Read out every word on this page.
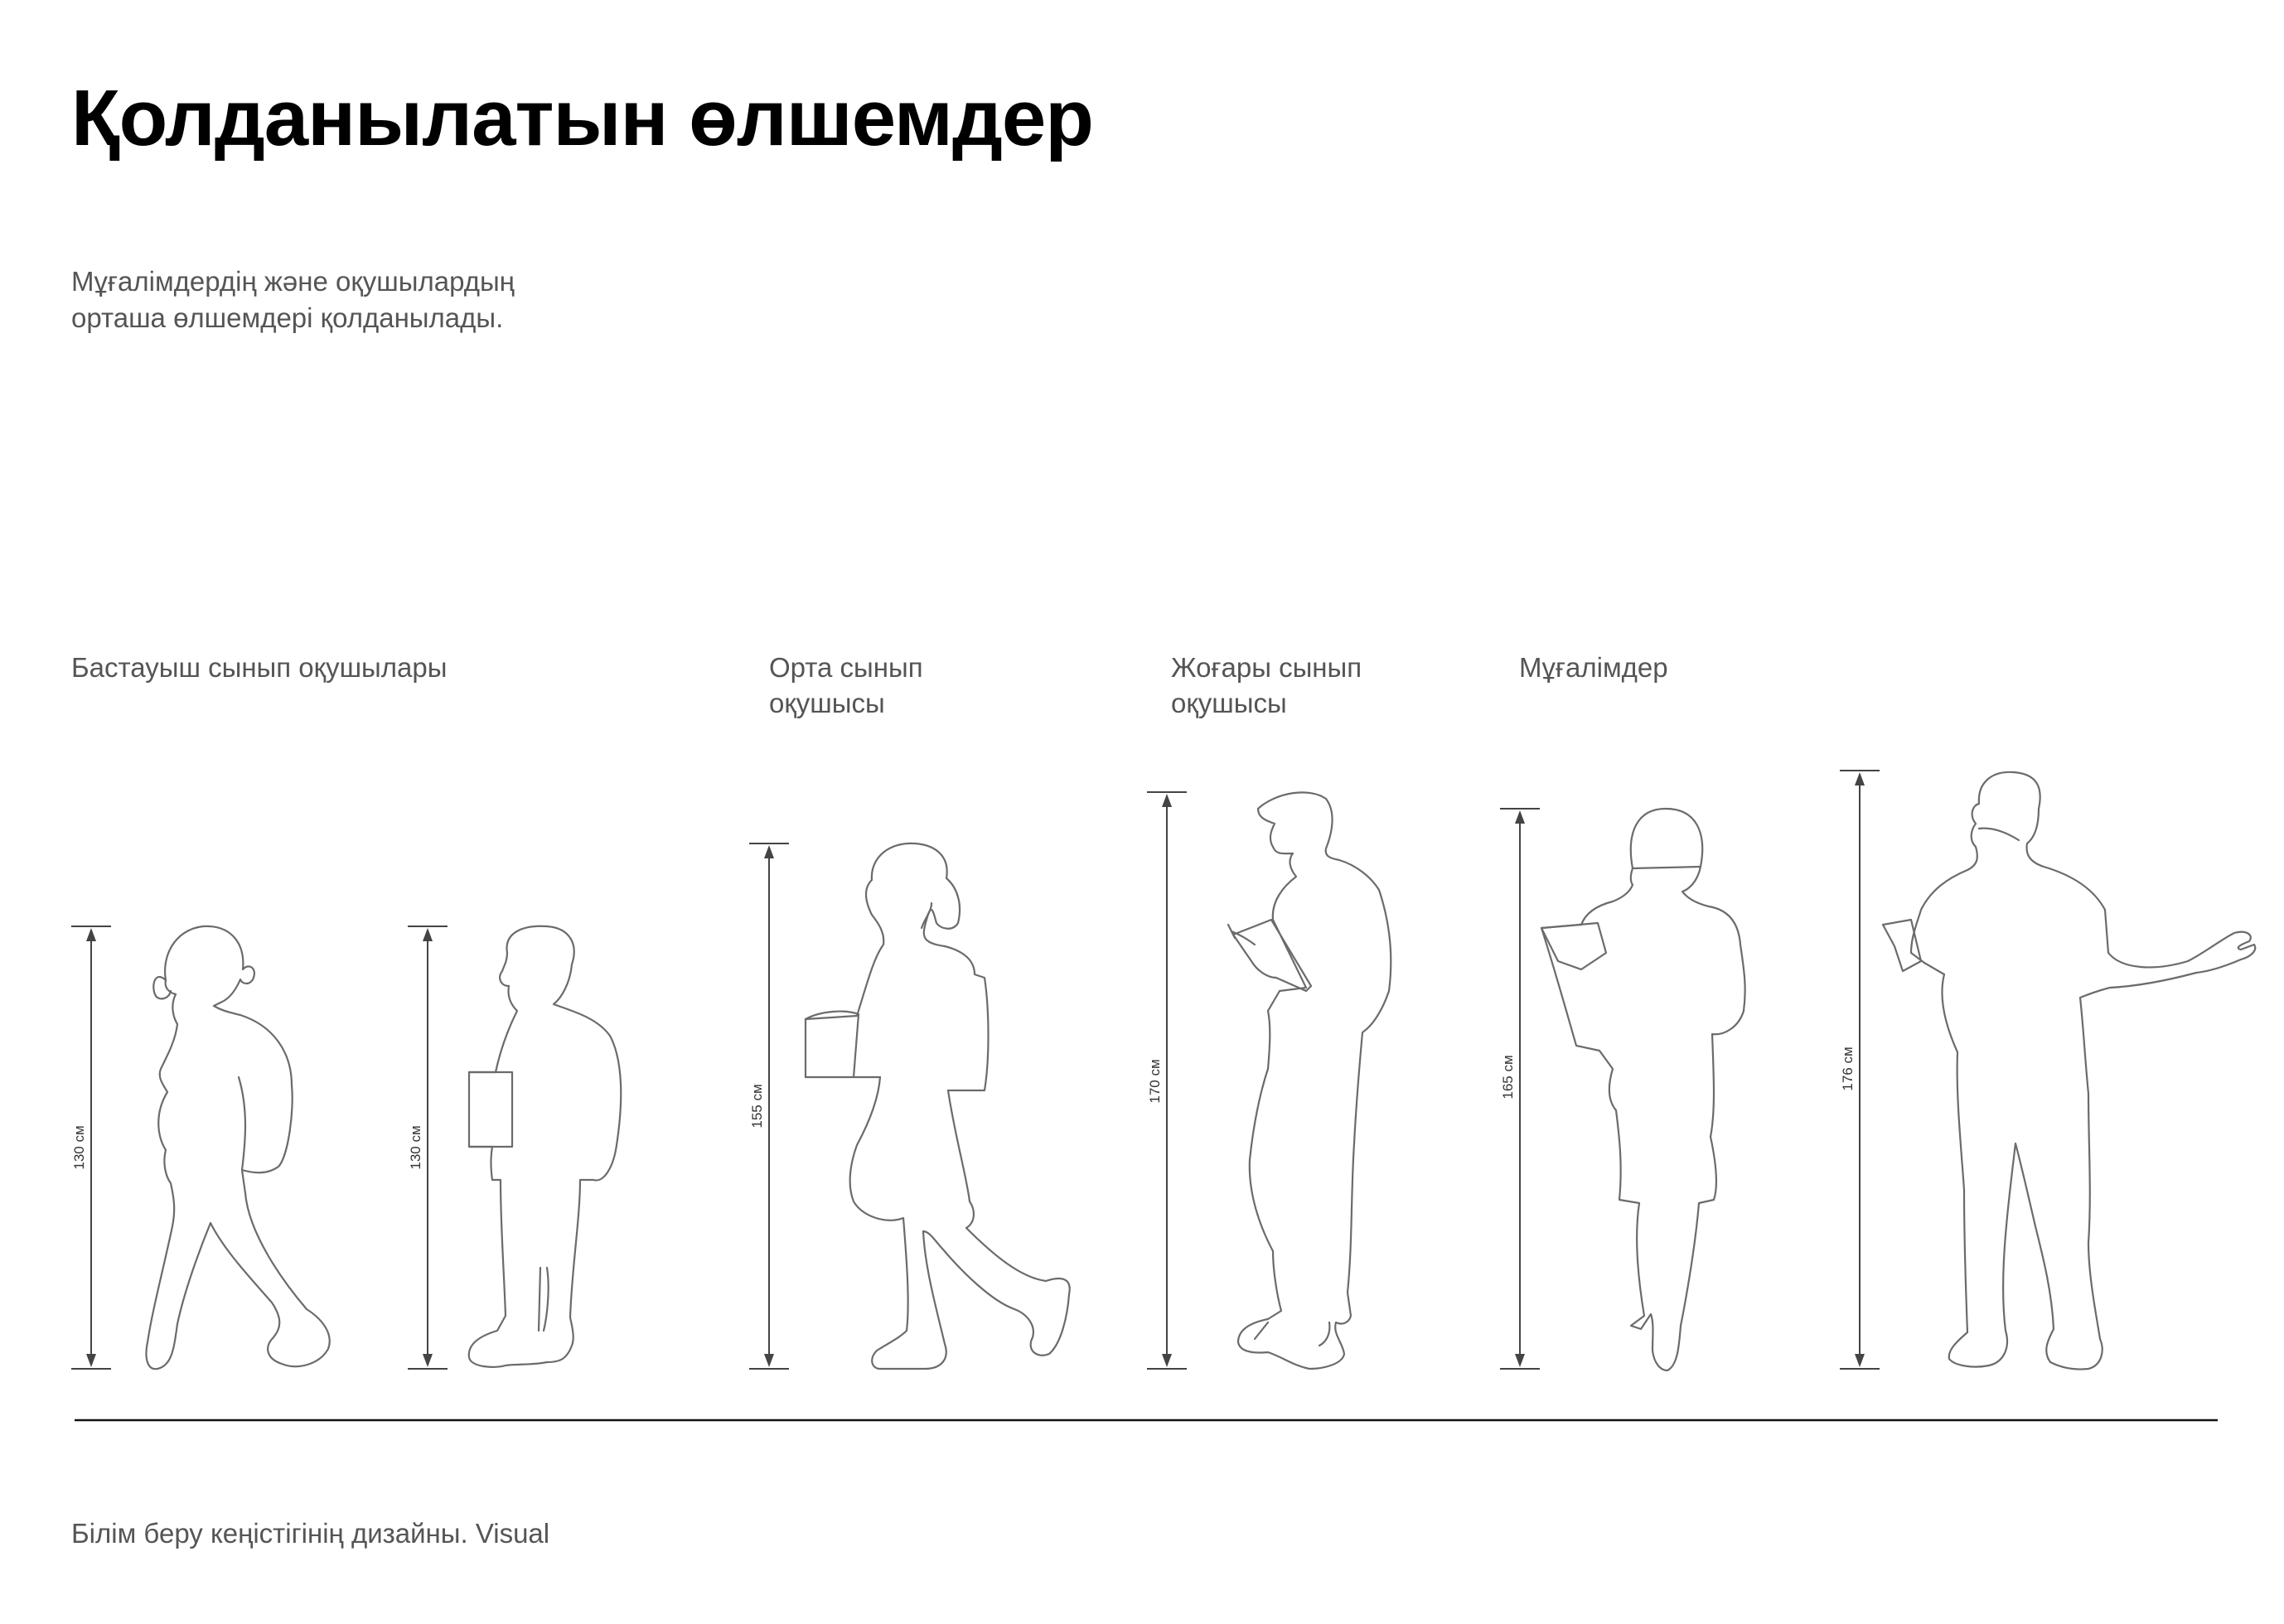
Қолданылатын өлшемдер

Мұғалімдердің және оқушылардың
орташа өлшемдері қолданылады.

Бастауыш сынып оқушылары	Орта сынып
оқушысы
Жоғары сынып
оқушысы
Мұғалімдер
130 см	130 см
155 см
170 см	165 см	176 см
Білім беру кеңістігінің дизайны. Visual
